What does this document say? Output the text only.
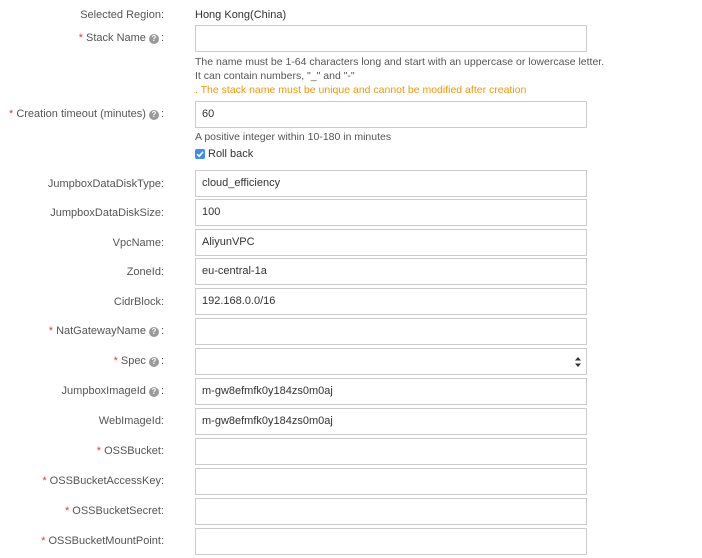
Selected Region:	Hong Kong(China)
* Stack Name ? :
The name must be 1-64 characters long and start with an uppercase or lowercase letter.
It can contain numbers, "_" and "-"
. The stack name must be unique and cannot be modified after creation
* Creation timeout (minutes) ? :	60
A positive integer within 10-180 in minutes
Roll back
JumpboxDataDiskType:	cloud_efficiency
JumpboxDataDiskSize:	100
VpcName:	AliyunVPC
ZoneId:	eu-central-1a
CidrBlock:	192.168.0.0/16
* NatGatewayName ? :
* Spec ? :
JumpboxImageId ? :	m-gw8efmfk0y184zs0m0aj
WebImageId:	m-gw8efmfk0y184zs0m0aj
* OSSBucket:
* OSSBucketAccessKey:
* OSSBucketSecret:
* OSSBucketMountPoint:
